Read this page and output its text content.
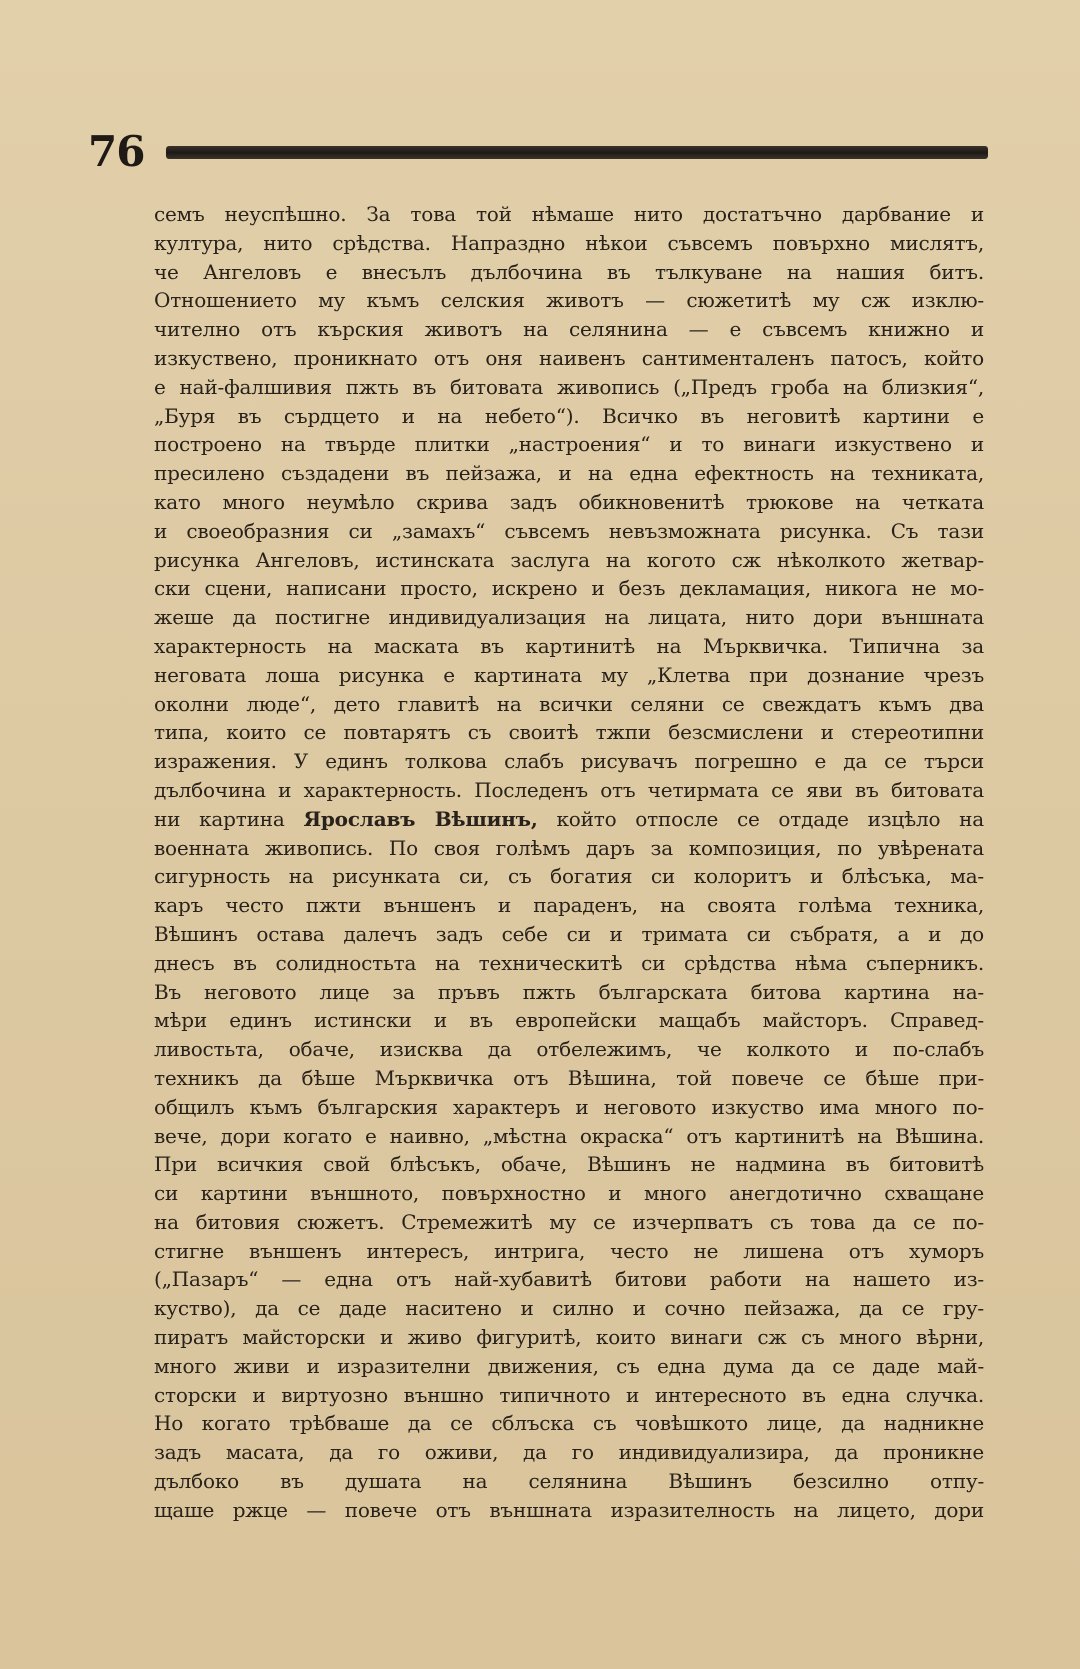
76
семъ неуспѣшно. За това той нѣмаше нито достатъчно дарбвание и
култура, нито срѣдства. Напраздно нѣкои съвсемъ повърхно мислятъ,
че Ангеловъ е внесълъ дълбочина въ тълкуване на нашия битъ.
Отношението му къмъ селския животъ — сюжетитѣ му сж изклю-
чително отъ кърския животъ на селянина — е съвсемъ книжно и
изкуствено, проникнато отъ оня наивенъ сантименталенъ патосъ, който
е най-фалшивия пжть въ битовата живопись („Предъ гроба на близкия“,
„Буря въ сърдцето и на небето“). Всичко въ неговитѣ картини е
построено на твърде плитки „настроения“ и то винаги изкуствено и
пресилено създадени въ пейзажа, и на една ефектность на техниката,
като много неумѣло скрива задъ обикновенитѣ трюкове на четката
и своеобразния си „замахъ“ съвсемъ невъзможната рисунка. Съ тази
рисунка Ангеловъ, истинската заслуга на когото сж нѣколкото жетвар-
ски сцени, написани просто, искрено и безъ декламация, никога не мо-
жеше да постигне индивидуализация на лицата, нито дори външната
характерность на маската въ картинитѣ на Мърквичка. Типична за
неговата лоша рисунка е картината му „Клетва при дознание чрезъ
околни люде“, дето главитѣ на всички селяни се свеждатъ къмъ два
типа, които се повтарятъ съ своитѣ тжпи безсмислени и стереотипни
изражения. У единъ толкова слабъ рисувачъ погрешно е да се търси
дълбочина и характерность. Последенъ отъ четирмата се яви въ битовата
ни картина Ярославъ Вѣшинъ, който отпосле се отдаде изцѣло на
военната живопись. По своя голѣмъ даръ за композиция, по увѣрената
сигурность на рисунката си, съ богатия си колоритъ и блѣсъка, ма-
каръ често пжти външенъ и параденъ, на своята голѣма техника,
Вѣшинъ остава далечъ задъ себе си и тримата си събратя, а и до
днесъ въ солидностьта на техническитѣ си срѣдства нѣма съперникъ.
Въ неговото лице за пръвъ пжть българската битова картина на-
мѣри единъ истински и въ европейски мащабъ майсторъ. Справед-
ливостьта, обаче, изисква да отбележимъ, че колкото и по-слабъ
техникъ да бѣше Мърквичка отъ Вѣшина, той повече се бѣше при-
общилъ къмъ българския характеръ и неговото изкуство има много по-
вече, дори когато е наивно, „мѣстна окраска“ отъ картинитѣ на Вѣшина.
При всичкия свой блѣсъкъ, обаче, Вѣшинъ не надмина въ битовитѣ
си картини външното, повърхностно и много анегдотично схващане
на битовия сюжетъ. Стремежитѣ му се изчерпватъ съ това да се по-
стигне външенъ интересъ, интрига, често не лишена отъ хуморъ
(„Пазаръ“ — една отъ най-хубавитѣ битови работи на нашето из-
куство), да се даде наситено и силно и сочно пейзажа, да се гру-
пиратъ майсторски и живо фигуритѣ, които винаги сж съ много вѣрни,
много живи и изразителни движения, съ една дума да се даде май-
сторски и виртуозно външно типичното и интересното въ една случка.
Но когато трѣбваше да се сблъска съ човѣшкото лице, да надникне
задъ масата, да го оживи, да го индивидуализира, да проникне
дълбоко въ душата на селянина Вѣшинъ безсилно отпу-
щаше ржце — повече отъ външната изразителность на лицето, дори
